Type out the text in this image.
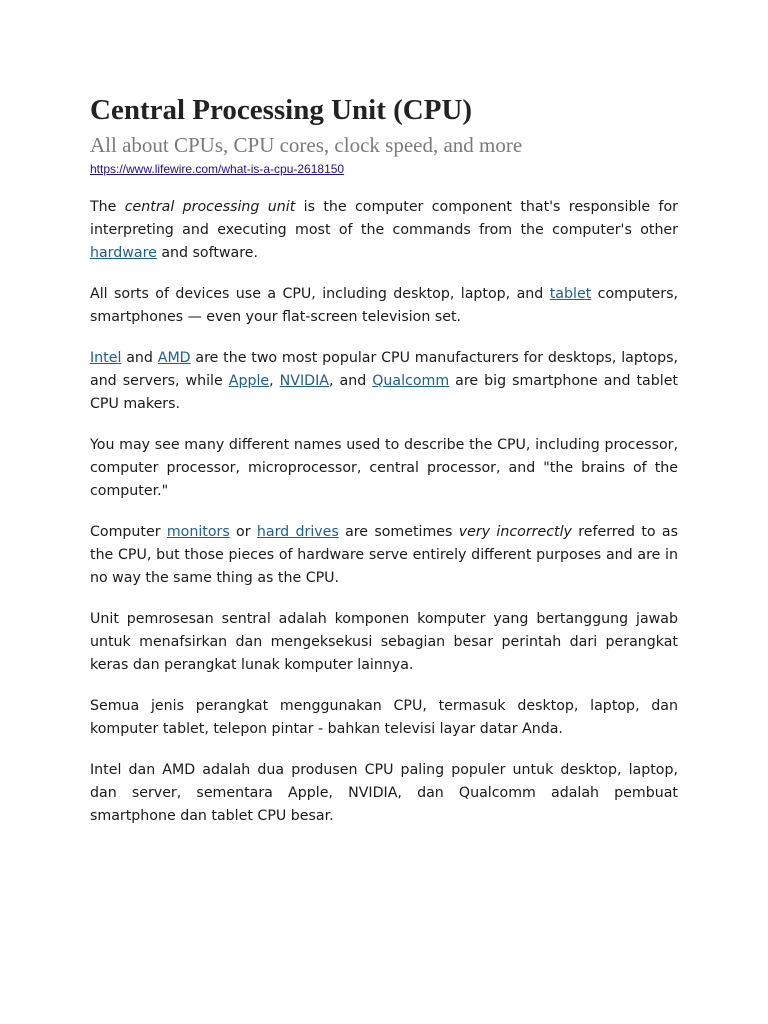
Central Processing Unit (CPU)
All about CPUs, CPU cores, clock speed, and more
https://www.lifewire.com/what-is-a-cpu-2618150

The central processing unit is the computer component that's responsible for interpreting and executing most of the commands from the computer's other hardware and software.

All sorts of devices use a CPU, including desktop, laptop, and tablet computers, smartphones — even your flat-screen television set.

Intel and AMD are the two most popular CPU manufacturers for desktops, laptops, and servers, while Apple, NVIDIA, and Qualcomm are big smartphone and tablet CPU makers.

You may see many different names used to describe the CPU, including processor, computer processor, microprocessor, central processor, and "the brains of the computer."

Computer monitors or hard drives are sometimes very incorrectly referred to as the CPU, but those pieces of hardware serve entirely different purposes and are in no way the same thing as the CPU.

Unit pemrosesan sentral adalah komponen komputer yang bertanggung jawab untuk menafsirkan dan mengeksekusi sebagian besar perintah dari perangkat keras dan perangkat lunak komputer lainnya.

Semua jenis perangkat menggunakan CPU, termasuk desktop, laptop, dan komputer tablet, telepon pintar - bahkan televisi layar datar Anda.

Intel dan AMD adalah dua produsen CPU paling populer untuk desktop, laptop, dan server, sementara Apple, NVIDIA, dan Qualcomm adalah pembuat smartphone dan tablet CPU besar.
